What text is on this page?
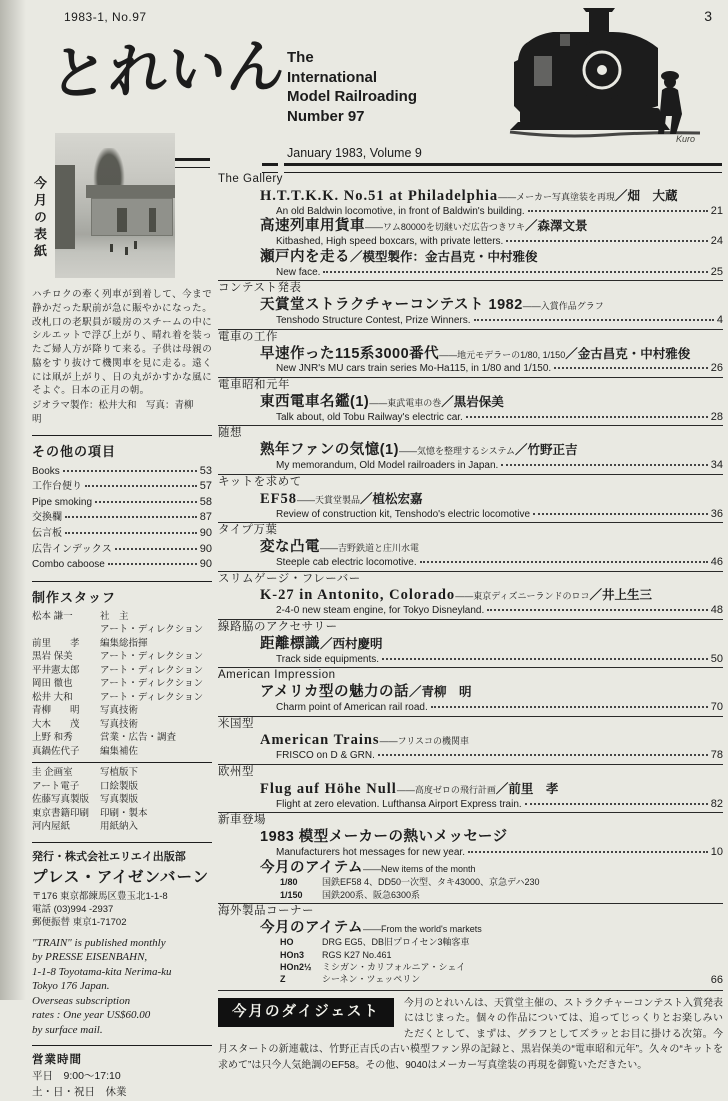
1983-1, No.97	3
とれいん
The
International
Model Railroading
Number 97
Kuro
January 1983, Volume 9
今月の表紙
ハチロクの牽く列車が到着して、今まで静かだった駅前が急に賑やかになった。改札口の老駅員が暖房のスチームの中にシルエットで浮び上がり、晴れ着を装ったご婦人方が降りて来る。子供は母親の脇をすり抜けて機関車を見に走る。遠くには凧が上がり、日の丸がかすかな風にそよぐ。日本の正月の朝。
ジオラマ製作：松井大和　写真：青柳　明
その他の項目
Books	53
工作台便り	57
Pipe smoking	58
交換欄	87
伝言板	90
広告インデックス	90
Combo caboose	90
制作スタッフ
松本 謙一	社　主
アート・ディレクション
前里　　孝	編集総指揮
黒岩 保美	アート・ディレクション
平井憲太郎	アート・ディレクション
岡田 徹也	アート・ディレクション
松井 大和	アート・ディレクション
青柳　　明	写真技術
大木　　茂	写真技術
上野 和秀	営業・広告・調査
真鍋佐代子	編集補佐
圭 企画室	写植版下
アート電子	口絵製版
佐藤写真製版	写真製版
東京書籍印刷	印刷・製本
河内屋紙	用紙納入
発行・株式会社エリエイ出版部
プレス・アイゼンバーン
〒176 東京都練馬区豊玉北1-1-8
電話 (03)994 -2937
郵便振替 東京1-71702
"TRAIN" is published monthly
by PRESSE EISENBAHN,
1-1-8 Toyotama-kita Nerima-ku
Tokyo 176 Japan.
Overseas subscription
rates : One year US$60.00
by surface mail.
営業時間
平日　9:00～17:10
土・日・祝日　休業
The Gallery
H.T.T.K.K. No.51 at Philadelphia——メーカー写真塗装を再現／畑　大蔵
An old Baldwin locomotive, in front of Baldwin's building.	21
高速列車用貨車——ワム80000を切継いだ広告つきワキ／森澤文景
Kitbashed, High speed boxcars, with private letters.	24
瀬戸内を走る／模型製作：金古昌克・中村雅俊
New face.	25
コンテスト発表
天賞堂ストラクチャーコンテスト 1982——入賞作品グラフ
Tenshodo Structure Contest, Prize Winners.	4
電車の工作
早速作った115系3000番代——地元モデラーの1/80, 1/150／金古昌克・中村雅俊
New JNR's MU cars train series Mo-Ha115, in 1/80 and 1/150.	26
電車昭和元年
東西電車名鑑(1)——東武電車の巻／黒岩保美
Talk about, old Tobu Railway's electric car.	28
随想
熟年ファンの気憶(1)——気憶を整理するシステム／竹野正吉
My memorandum, Old Model railroaders in Japan.	34
キットを求めて
EF58——天賞堂製品／植松宏嘉
Review of construction kit, Tenshodo's electric locomotive	36
タイプ万葉
変な凸電——吉野鉄道と庄川水電
Steeple cab electric locomotive.	46
スリムゲージ・フレーバー
K-27 in Antonito, Colorado——東京ディズニーランドのロコ／井上生三
2-4-0 new steam engine, for Tokyo Disneyland.	48
線路脇のアクセサリー
距離標識／西村慶明
Track side equipments.	50
American Impression
アメリカ型の魅力の話／青柳　明
Charm point of American rail road.	70
米国型
American Trains——フリスコの機関車
FRISCO on D & GRN.	78
欧州型
Flug auf Höhe Null——高度ゼロの飛行計画／前里　孝
Flight at zero elevation. Lufthansa Airport Express train.	82
新車登場
1983 模型メーカーの熱いメッセージ
Manufacturers hot messages for new year.	10
今月のアイテム——New items of the month
1/80	国鉄EF58 4、DD50一次型、タキ43000、京急デハ230
1/150	国鉄200系、阪急6300系
海外製品コーナー
今月のアイテム——From the world's markets
HO	DRG EG5、DB旧プロイセン3軸客車
HOn3	RGS K27 No.461
HOn2½	ミシガン・カリフォルニア・シェイ
Z	シーネン・ツェッペリン	66
今月のダイジェスト
今月のとれいんは、天賞堂主催の、ストラクチャーコンテスト入賞発表にはじまった。個々の作品については、追ってじっくりとお楽しみいただくとして、まずは、グラフとしてズラッとお目に掛ける次第。今月スタートの新連載は、竹野正吉氏の古い模型ファン界の記録と、黒岩保美の“電車昭和元年”。久々の“キットを求めて”は只今人気絶調のEF58。その他、9040はメーカー写真塗装の再現を御覧いただきたい。
